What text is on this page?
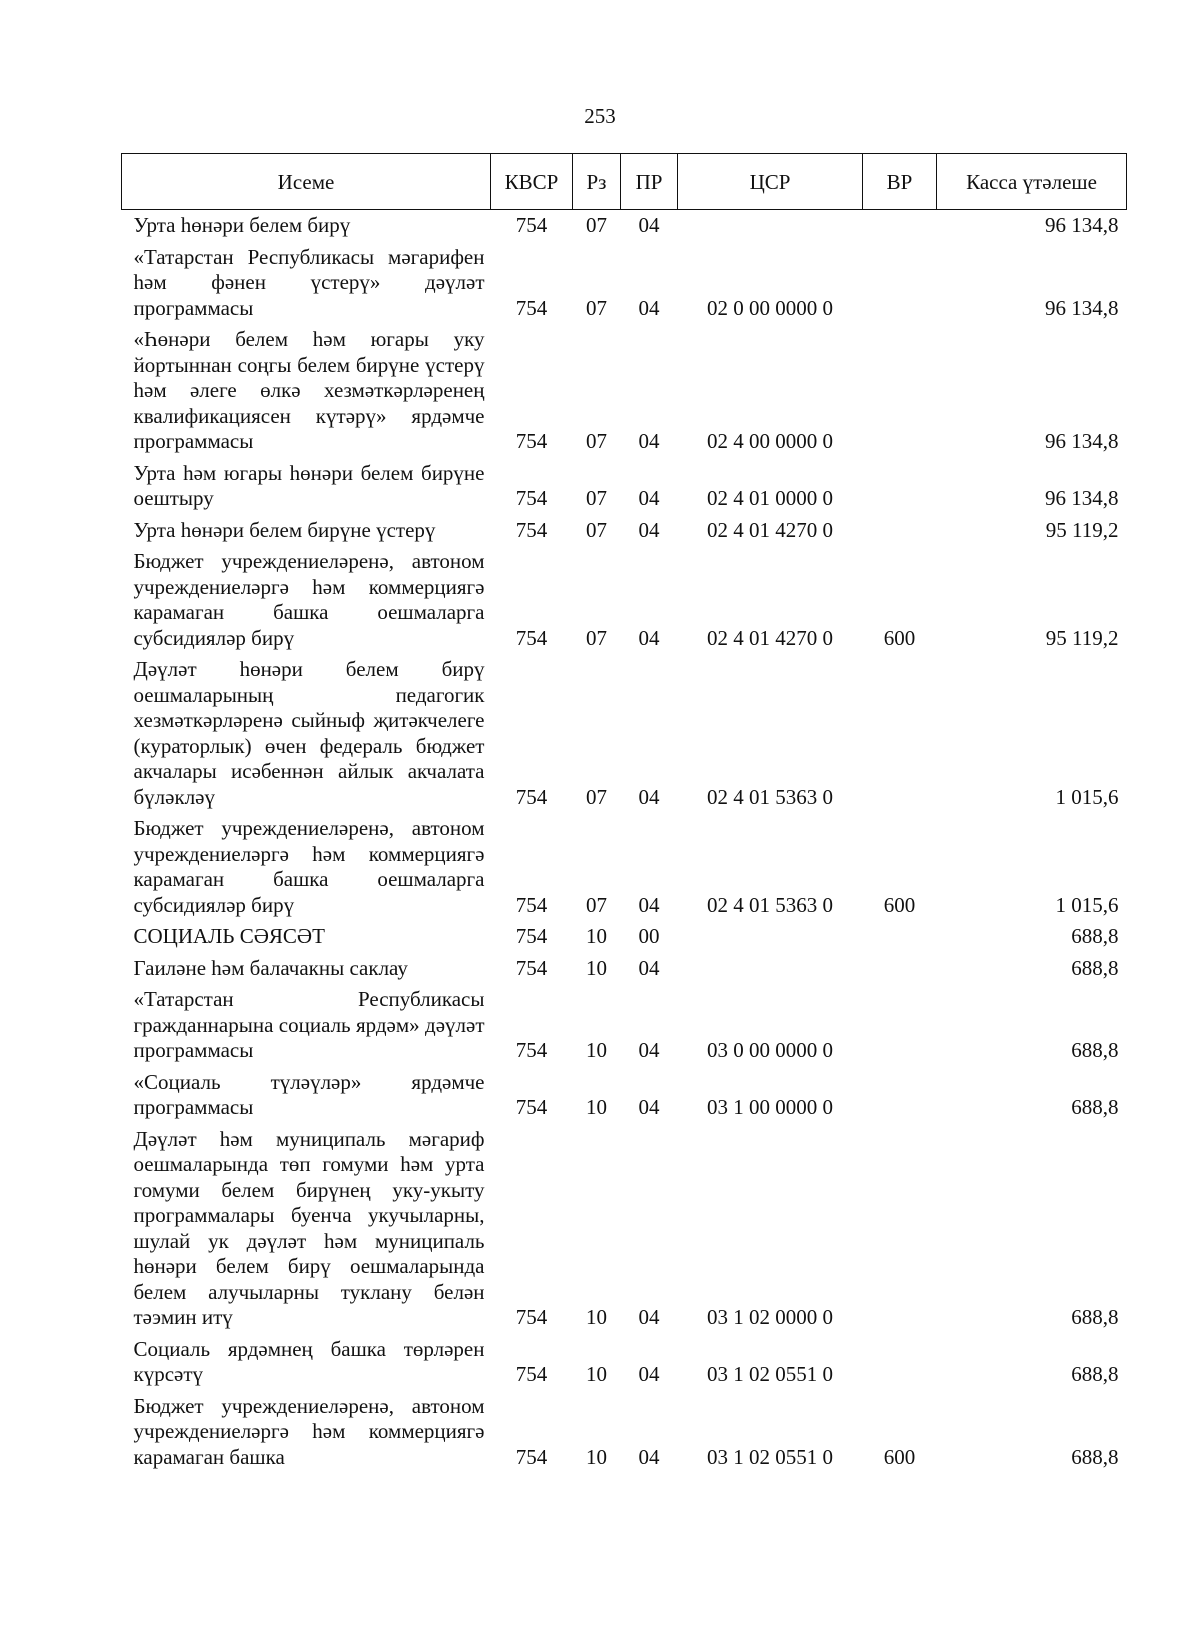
253
Исеме	КВСР	Рз	ПР	ЦСР	ВР	Касса үтәлеше
Урта һөнәри белем бирү	754	07	04			96 134,8
«Татарстан Республикасы мәгарифен һәм фәнен үстерү» дәүләт программасы	754	07	04	02 0 00 0000 0		96 134,8
«Һөнәри белем һәм югары уку йортыннан соңгы белем бирүне үстерү һәм әлеге өлкә хезмәткәрләренең квалификациясен күтәрү» ярдәмче программасы	754	07	04	02 4 00 0000 0		96 134,8
Урта һәм югары һөнәри белем бирүне оештыру	754	07	04	02 4 01 0000 0		96 134,8
Урта һөнәри белем бирүне үстерү	754	07	04	02 4 01 4270 0		95 119,2
Бюджет учреждениеләренә, автоном учреждениеләргә һәм коммерциягә карамаган башка оешмаларга субсидияләр бирү	754	07	04	02 4 01 4270 0	600	95 119,2
Дәүләт һөнәри белем бирү оешмаларының педагогик хезмәткәрләренә сыйныф җитәкчелеге (кураторлык) өчен федераль бюджет акчалары исәбеннән айлык акчалата бүләкләү	754	07	04	02 4 01 5363 0		1 015,6
Бюджет учреждениеләренә, автоном учреждениеләргә һәм коммерциягә карамаган башка оешмаларга субсидияләр бирү	754	07	04	02 4 01 5363 0	600	1 015,6
СОЦИАЛЬ СӘЯСӘТ	754	10	00			688,8
Гаиләне һәм балачакны саклау	754	10	04			688,8
«Татарстан Республикасы гражданнарына социаль ярдәм» дәүләт программасы	754	10	04	03 0 00 0000 0		688,8
«Социаль түләүләр» ярдәмче программасы	754	10	04	03 1 00 0000 0		688,8
Дәүләт һәм муниципаль мәгариф оешмаларында төп гомуми һәм урта гомуми белем бирүнең уку-укыту программалары буенча укучыларны, шулай ук дәүләт һәм муниципаль һөнәри белем бирү оешмаларында белем алучыларны туклану белән тәэмин итү	754	10	04	03 1 02 0000 0		688,8
Социаль ярдәмнең башка төрләрен күрсәтү	754	10	04	03 1 02 0551 0		688,8
Бюджет учреждениеләренә, автоном учреждениеләргә һәм коммерциягә карамаган башка	754	10	04	03 1 02 0551 0	600	688,8
